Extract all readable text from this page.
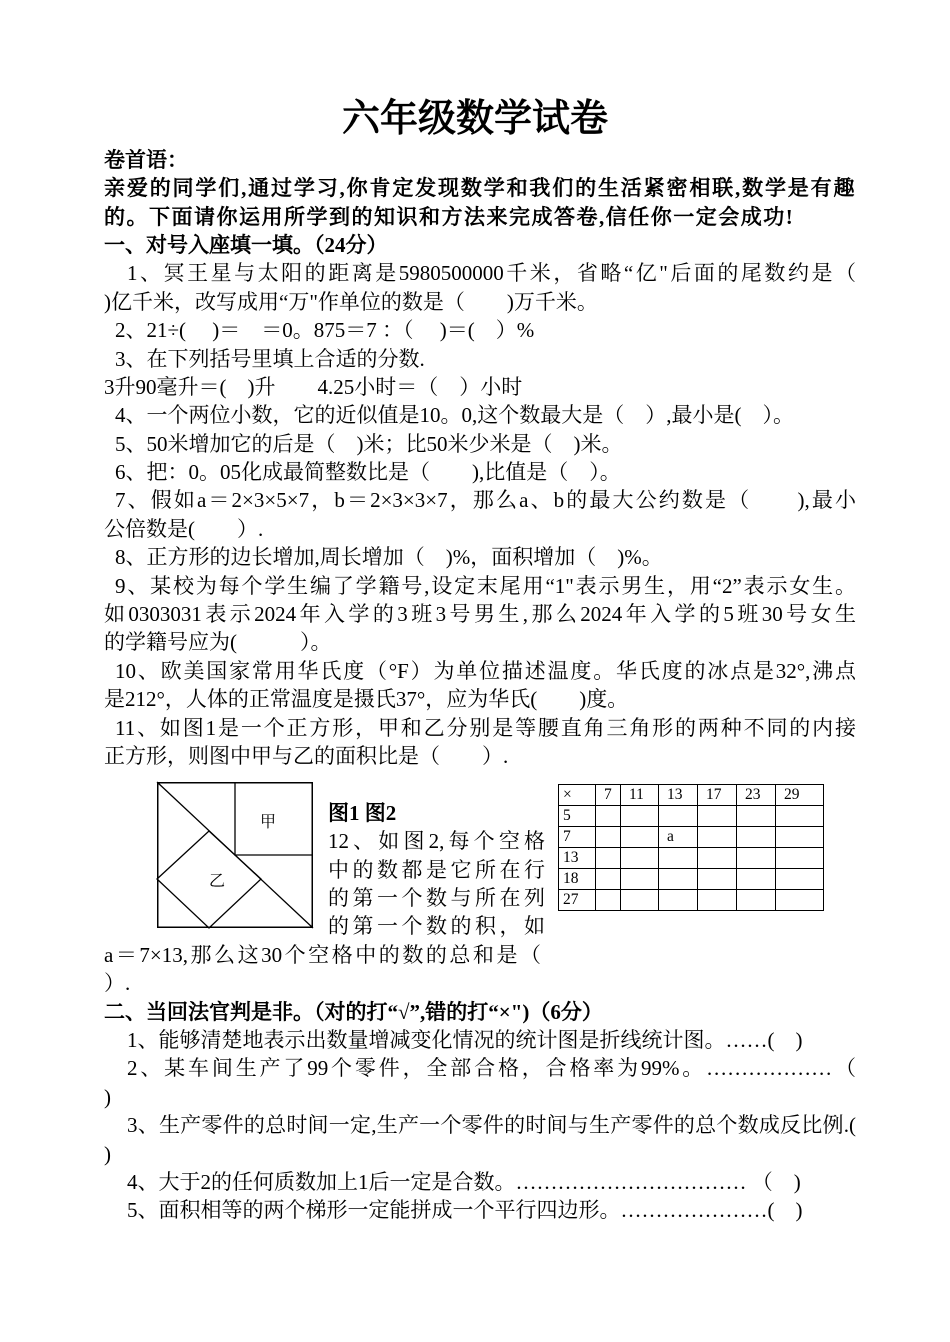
六年级数学试卷
卷首语：
亲爱的同学们,通过学习,你肯定发现数学和我们的生活紧密相联,数学是有趣
的。下面请你运用所学到的知识和方法来完成答卷,信任你一定会成功!
一、对号入座填一填。（24分）
1、冥王星与太阳的距离是5980500000千米，省略“亿"后面的尾数约是（
)亿千米，改写成用“万"作单位的数是（　　)万千米。
2、21÷(　 )＝　＝0。875＝7 ：（　 )＝(　）%
3、在下列括号里填上合适的分数.
3升90毫升＝(　)升　　4.25小时＝（　）小时
4、一个两位小数，它的近似值是10。0,这个数最大是（　）,最小是(　）。
5、50米增加它的后是（　)米；比50米少米是（　)米。
6、把：0。05化成最简整数比是（　　),比值是（　）。
7、假如a＝2×3×5×7，b＝2×3×3×7，那么a、b的最大公约数是（　　),最小
公倍数是(　　）.
8、正方形的边长增加,周长增加（　)%，面积增加（　)%。
9、某校为每个学生编了学籍号,设定末尾用“1"表示男生，用“2”表示女生。
如0303031表示2024年入学的3班3号男生,那么2024年入学的5班30号女生
的学籍号应为(　　　）。
10、欧美国家常用华氏度（°F）为单位描述温度。华氏度的冰点是32°,沸点
是212°，人体的正常温度是摄氏37°，应为华氏(　　)度。
11、如图1是一个正方形，甲和乙分别是等腰直角三角形的两种不同的内接
正方形，则图中甲与乙的面积比是（　　）.
甲
乙
图1 图2
12、如图2,每个空格
中的数都是它所在行
的第一个数与所在列
的第一个数的积，如
a＝7×13,那么这30个空格中的数的总和是（
）.
×	7	11	13	17	23	29
5						
7			a			
13						
18						
27						
二、当回法官判是非。（对的打“√”,错的打“×")（6分）
1、能够清楚地表示出数量增减变化情况的统计图是折线统计图。……(　)
2、某车间生产了99个零件，全部合格，合格率为99%。………………（
)
3、生产零件的总时间一定,生产一个零件的时间与生产零件的总个数成反比例.(
)
4、大于2的任何质数加上1后一定是合数。…………………………… （　)
5、面积相等的两个梯形一定能拼成一个平行四边形。…………………(　)
